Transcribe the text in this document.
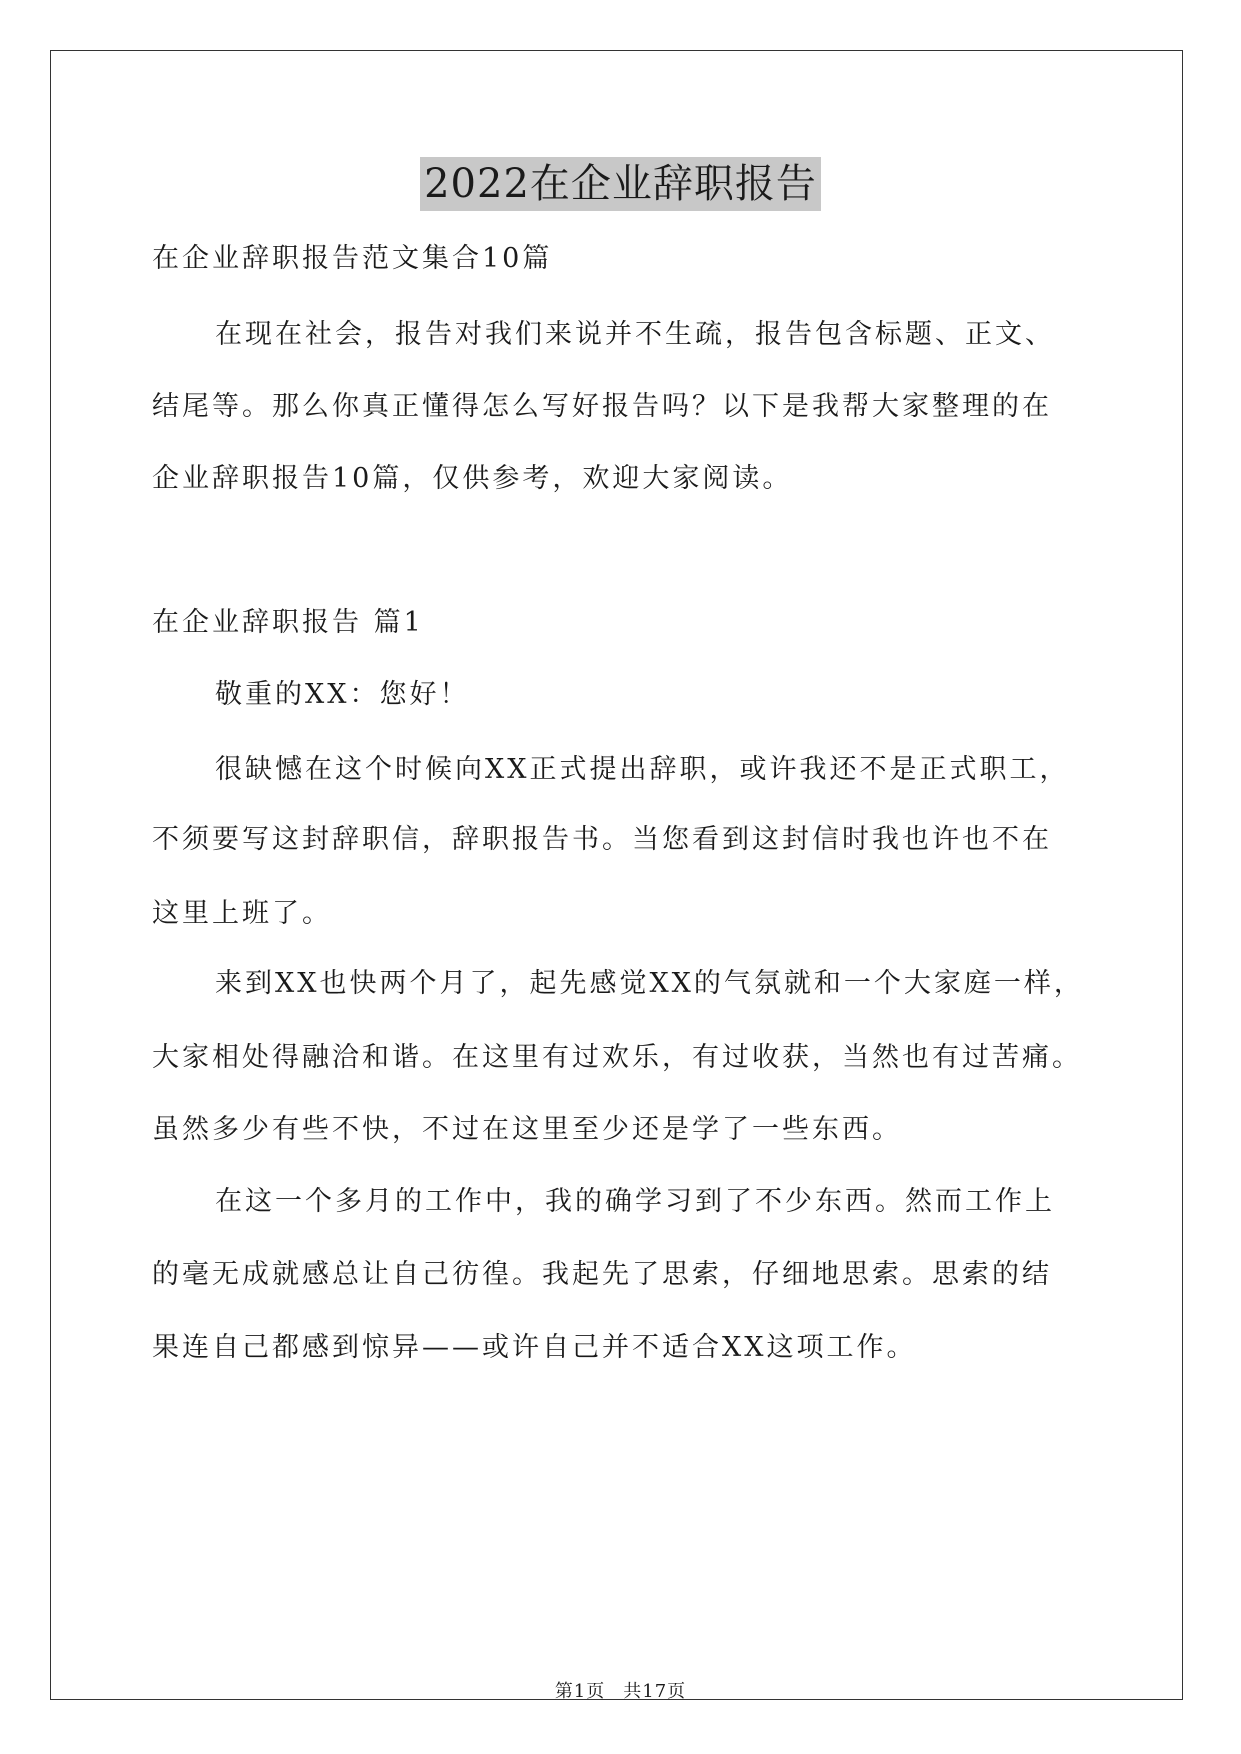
2022在企业辞职报告
在企业辞职报告范文集合10篇
在现在社会，报告对我们来说并不生疏，报告包含标题、正文、
结尾等。那么你真正懂得怎么写好报告吗？以下是我帮大家整理的在
企业辞职报告10篇，仅供参考，欢迎大家阅读。
在企业辞职报告 篇1
敬重的XX：您好！
很缺憾在这个时候向XX正式提出辞职，或许我还不是正式职工，
不须要写这封辞职信，辞职报告书。当您看到这封信时我也许也不在
这里上班了。
来到XX也快两个月了，起先感觉XX的气氛就和一个大家庭一样，
大家相处得融洽和谐。在这里有过欢乐，有过收获，当然也有过苦痛。
虽然多少有些不快，不过在这里至少还是学了一些东西。
在这一个多月的工作中，我的确学习到了不少东西。然而工作上
的毫无成就感总让自己彷徨。我起先了思索，仔细地思索。思索的结
果连自己都感到惊异——或许自己并不适合XX这项工作。
第1页 共17页
